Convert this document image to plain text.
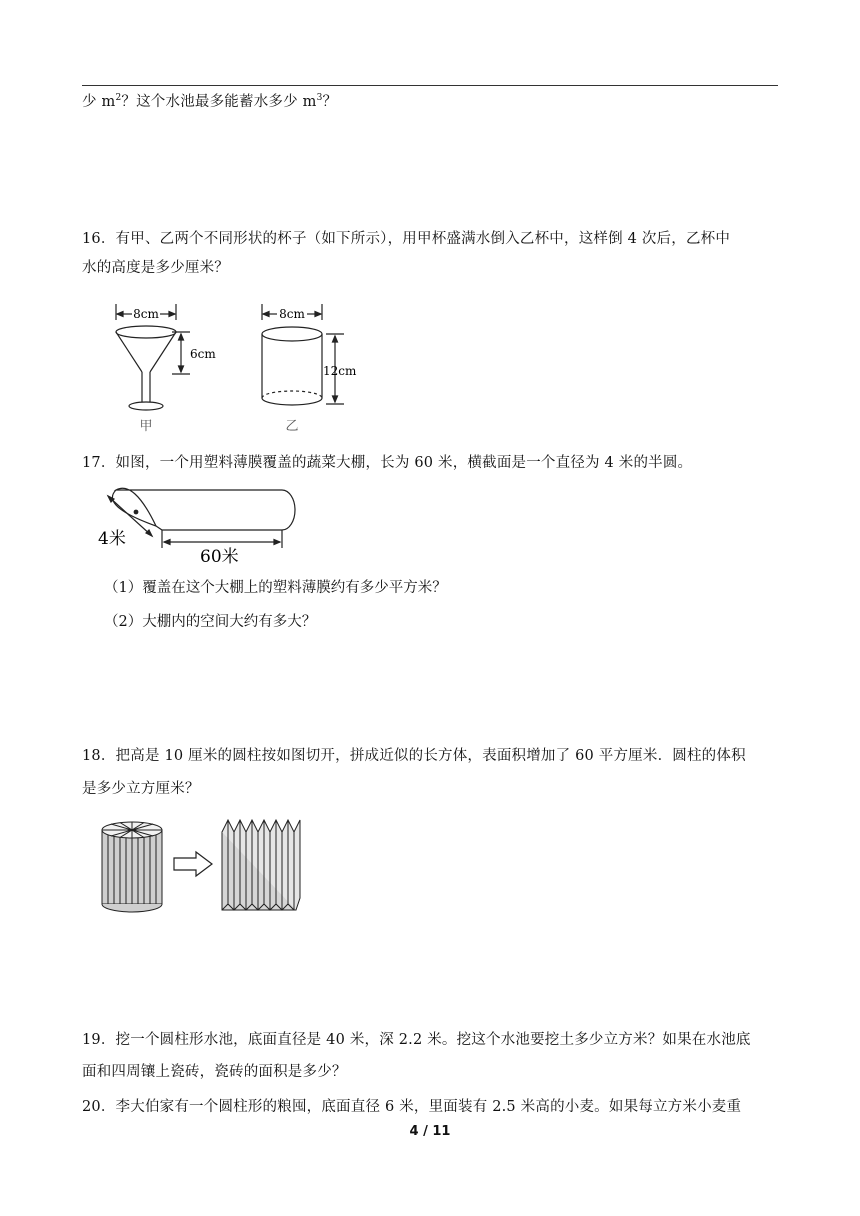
少 $m^2$？这个水池最多能蓄水多少 $m^3$？
16．有甲、乙两个不同形状的杯子（如下所示），用甲杯盛满水倒入乙杯中，这样倒 4 次后，乙杯中
水的高度是多少厘米？
8cm
6cm
甲
8cm
12cm
乙
17．如图，一个用塑料薄膜覆盖的蔬菜大棚，长为 60 米，横截面是一个直径为 4 米的半圆。
4米
60米
（1）覆盖在这个大棚上的塑料薄膜约有多少平方米？
（2）大棚内的空间大约有多大？
18．把高是 10 厘米的圆柱按如图切开，拼成近似的长方体，表面积增加了 60 平方厘米．圆柱的体积
是多少立方厘米？
19．挖一个圆柱形水池，底面直径是 40 米，深 2.2 米。挖这个水池要挖土多少立方米？如果在水池底
面和四周镶上瓷砖，瓷砖的面积是多少？
20．李大伯家有一个圆柱形的粮囤，底面直径 6 米，里面装有 2.5 米高的小麦。如果每立方米小麦重
4 / 11
